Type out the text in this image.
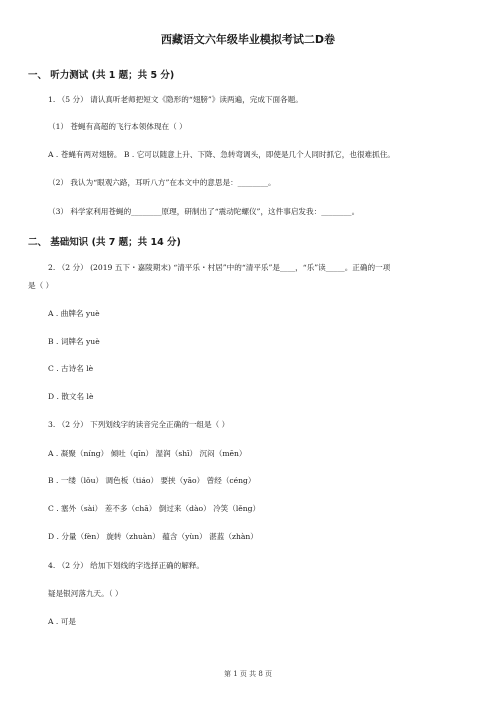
西藏语文六年级毕业模拟考试二D卷
一、 听力测试 (共 1 题；共 5 分)
1. （5 分） 请认真听老师把短文《隐形的“翅膀”》读两遍，完成下面各题。
（1） 苍蝇有高超的飞行本领体现在（ ）
A . 苍蝇有两对翅膀。 B . 它可以随意上升、下降、急转弯调头，即使是几个人同时抓它，也很难抓住。
（2） 我认为“眼观六路，耳听八方”在本文中的意思是：________。
（3） 科学家利用苍蝇的________原理，研制出了“震动陀螺仪”，这件事启发我：________。
二、 基础知识 (共 7 题；共 14 分)
2. （2 分） (2019 五下・嘉陵期末) “清平乐・村居”中的“清平乐”是____，“乐”读_____。正确的一项
是（ ）
A . 曲牌名 yuè
B . 词牌名 yuè
C . 古诗名 lè
D . 散文名 lè
3. （2 分） 下列划线字的读音完全正确的一组是（ ）
A . 凝聚（níng） 倾吐（qīn） 湿润（shī） 沉闷（mēn）
B . 一缕（lǒu） 调色板（tiáo） 要挟（yāo） 曾经（céng）
C . 塞外（sài） 差不多（chā） 倒过来（dào） 冷笑（lěng）
D . 分量（fèn） 旋转（zhuàn） 蕴含（yùn） 湛蓝（zhàn）
4. （2 分） 给加下划线的字选择正确的解释。
疑是银河落九天。（ ）
A . 可是
第 1 页 共 8 页
